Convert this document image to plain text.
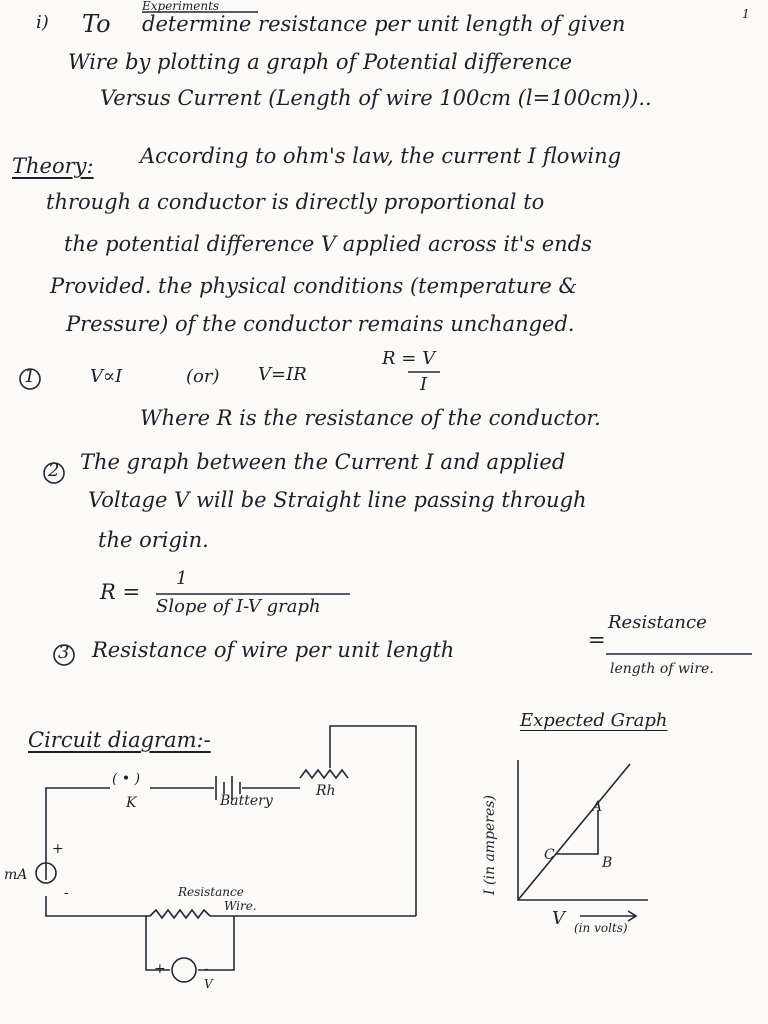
i) To
Experiments
determine resistance per unit length of given	1
Wire by plotting a graph of Potential difference
Versus Current (Length of wire 100cm (l=100cm))..
Theory: According to ohm's law, the current I flowing
through a conductor is directly proportional to
the potential difference V applied across it's ends
Provided. the physical conditions (temperature &
Pressure) of the conductor remains unchanged.
1	V∝I	(or) V=IR
R = V
I
Where R is the resistance of the conductor.
2 The graph between the Current I and applied
Voltage V will be Straight line passing through
the origin.
R =
1
Slope of I-V graph
3 Resistance of wire per unit length	=
Resistance
length of wire.
Circuit diagram:-
( • )
K	Battery
Rh
mA
+
-	Resistance
Wire.
+	-
V
Expected Graph
I (in amperes)
V (in volts)
A
B
C
